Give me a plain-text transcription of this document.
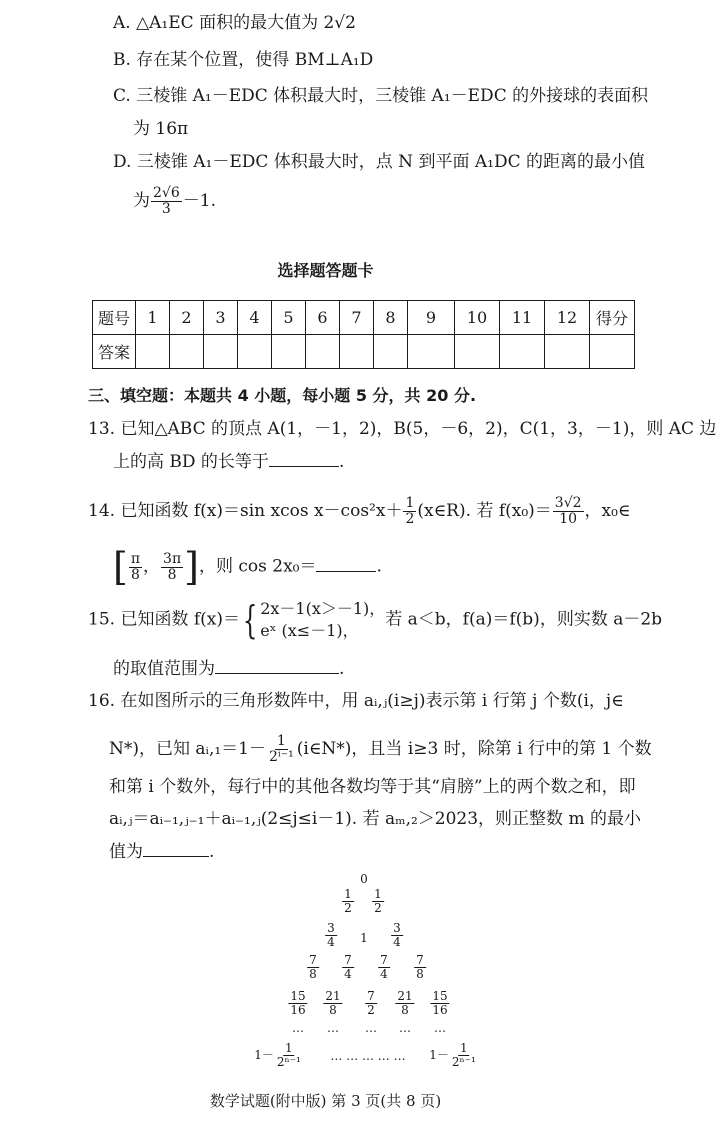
A. △A₁EC 面积的最大值为 2√2
B. 存在某个位置，使得 BM⊥A₁D
C. 三棱锥 A₁－EDC 体积最大时，三棱锥 A₁－EDC 的外接球的表面积
为 16π
D. 三棱锥 A₁－EDC 体积最大时，点 N 到平面 A₁DC 的距离的最小值
为 $\frac{2√6}{3} -1$.
选择题答题卡
题号	1	2	3	4	5	6	7	8	9	10	11	12	得分
答案													
三、填空题：本题共 4 小题，每小题 5 分，共 20 分.
13. 已知△ABC 的顶点 A(1，－1，2)，B(5，－6，2)，C(1，3，－1)，则 AC 边
上的高 BD 的长等于	.
14. 已知函数 f(x)＝sin xcos $x-\cos^2x+ \frac{1}{2}$ (x∈R). 若 $f(x_0)= \frac{3√2}{10}$ ，x₀∈
[ $\frac{\pi}{8}$ ， $\frac{3\pi}{8}$ ]，则 cos 2x₀＝	.
15. 已知函数 f(x)＝{ 2x－1(x＞－1)，
eˣ (x≤－1)，
若 a＜b，f(a)＝f(b)，则实数 a－2b
的取值范围为	.
16. 在如图所示的三角形数阵中，用 aᵢ,ⱼ(i≥j)表示第 i 行第 j 个数(i，j∈
N*)，已知 aᵢ,₁＝1－ $\frac{1}{\text{2ⁱ⁻¹}}$ (i∈N*)，且当 i≥3 时，除第 i 行中的第 1 个数
和第 i 个数外，每行中的其他各数均等于其“肩膀”上的两个数之和，即
aᵢ,ⱼ＝aᵢ₋₁,ⱼ₋₁＋aᵢ₋₁,ⱼ(2≤j≤i－1). 若 aₘ,₂＞2023，则正整数 m 的最小
值为	.
0
$\frac{1}{2} \frac{1}{2}$
$\frac{3}{4} 1 \frac{3}{4}$
$\frac{7}{8} \frac{7}{4} \frac{7}{4} \frac{7}{8}$
$\frac{15}{16} \frac{21}{8} \frac{7}{2} \frac{21}{8} \frac{15}{16}$
… … … … …
$1- \frac{1}{\text{2ⁿ⁻¹}}$ … … … … … $1- \frac{1}{\text{2ⁿ⁻¹}}$
数学试题(附中版) 第 3 页(共 8 页)
